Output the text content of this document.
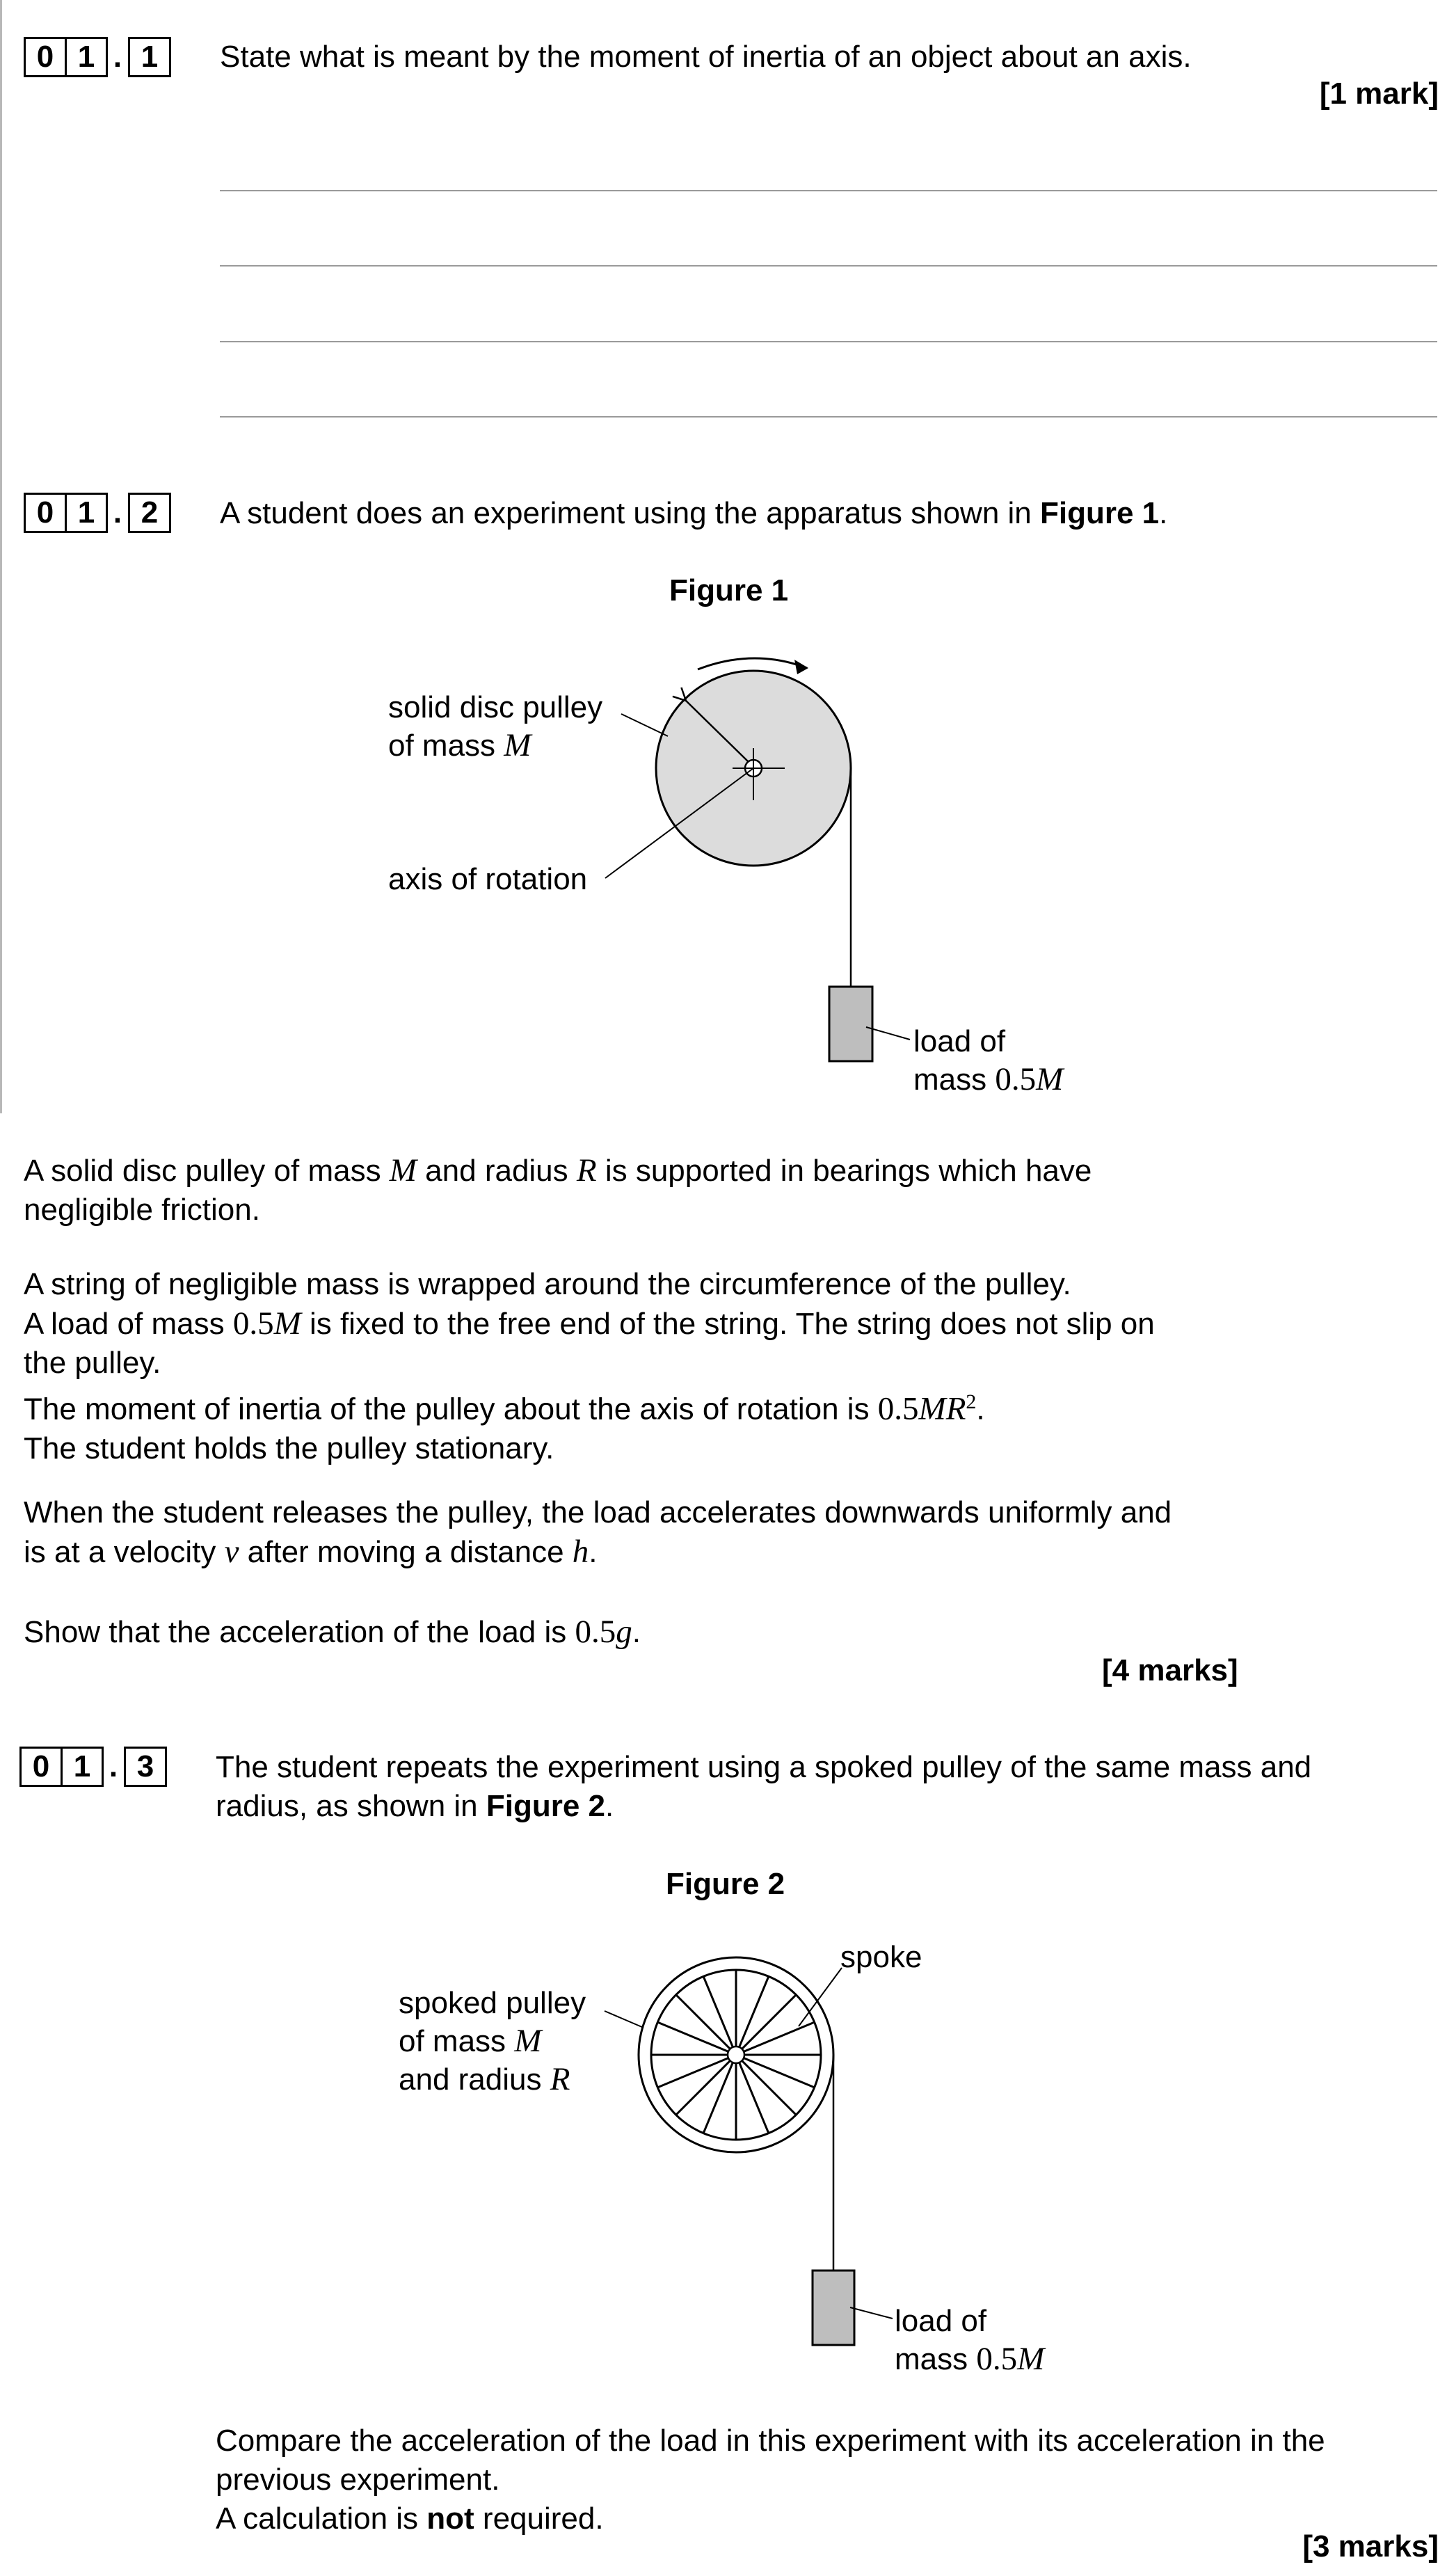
0 1 . 1	State what is meant by the moment of inertia of an object about an axis.
[1 mark]
0 1 . 2	A student does an experiment using the apparatus shown in Figure 1.
Figure 1
solid disc pulley
of mass M
axis of rotation
load of
mass 0.5M
A solid disc pulley of mass M and radius R is supported in bearings which have
negligible friction.
A string of negligible mass is wrapped around the circumference of the pulley.
A load of mass 0.5M is fixed to the free end of the string. The string does not slip on
the pulley.
The moment of inertia of the pulley about the axis of rotation is $0.5MR^2$.
The student holds the pulley stationary.
When the student releases the pulley, the load accelerates downwards uniformly and
is at a velocity v after moving a distance h.
Show that the acceleration of the load is 0.5g.
[4 marks]
0 1 . 3	The student repeats the experiment using a spoked pulley of the same mass and
radius, as shown in Figure 2.
Figure 2
spoke
spoked pulley
of mass M
and radius R
load of
mass 0.5M
Compare the acceleration of the load in this experiment with its acceleration in the
previous experiment.
A calculation is not required.
[3 marks]
